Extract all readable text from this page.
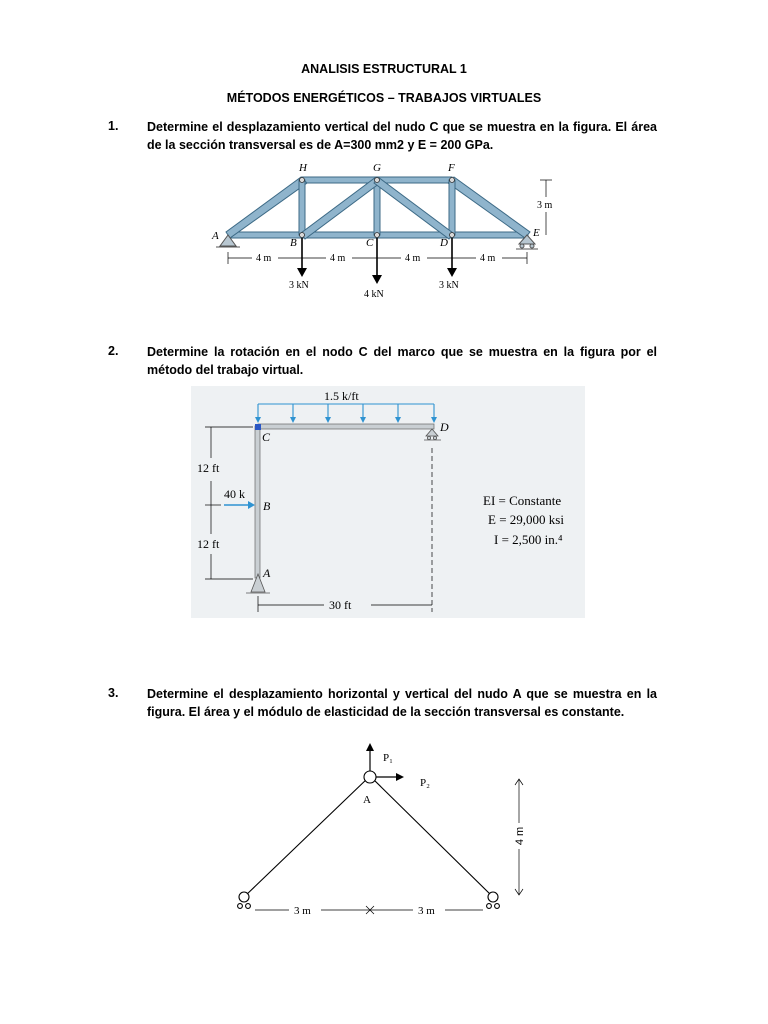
ANALISIS ESTRUCTURAL 1
MÉTODOS ENERGÉTICOS – TRABAJOS VIRTUALES
1. Determine el desplazamiento vertical del nudo C que se muestra en la figura. El área de la sección transversal es de A=300 mm2 y E = 200 GPa.
H	G	F
A
B	C	D
E
3 m
4 m	4 m	4 m	4 m
3 kN
4 kN
3 kN
2. Determine la rotación en el nodo C del marco que se muestra en la figura por el método del trabajo virtual.
1.5 k/ft
C
B
A
D
40 k
12 ft
12 ft
30 ft
EI = Constante
E = 29,000 ksi
I = 2,500 in.⁴
3. Determine el desplazamiento horizontal y vertical del nudo A que se muestra en la figura. El área y el módulo de elasticidad de la sección transversal es constante.
P₁
P₂
A
4 m
3 m	3 m
